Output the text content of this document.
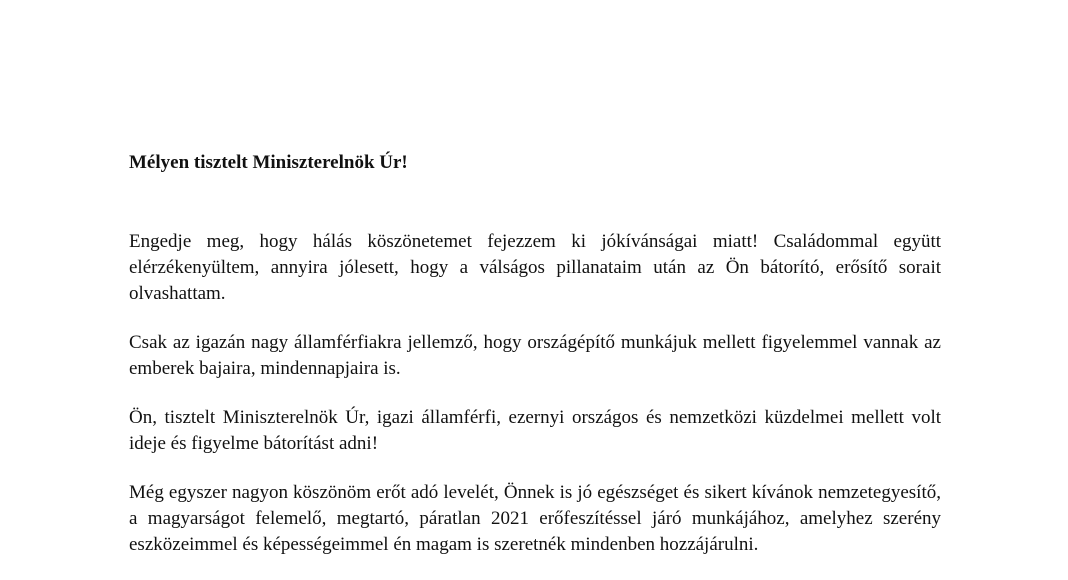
Mélyen tisztelt Miniszterelnök Úr!

Engedje meg, hogy hálás köszönetemet fejezzem ki jókívánságai miatt! Családommal együtt elérzékenyültem, annyira jólesett, hogy a válságos pillanataim után az Ön bátorító, erősítő sorait olvashattam.

Csak az igazán nagy államférfiakra jellemző, hogy országépítő munkájuk mellett figyelemmel vannak az emberek bajaira, mindennapjaira is.

Ön, tisztelt Miniszterelnök Úr, igazi államférfi, ezernyi országos és nemzetközi küzdelmei mellett volt ideje és figyelme bátorítást adni!

Még egyszer nagyon köszönöm erőt adó levelét, Önnek is jó egészséget és sikert kívánok nemzetegyesítő, a magyarságot felemelő, megtartó, páratlan 2021 erőfeszítéssel járó munkájához, amelyhez szerény eszközeimmel és képességeimmel én magam is szeretnék mindenben hozzájárulni.
